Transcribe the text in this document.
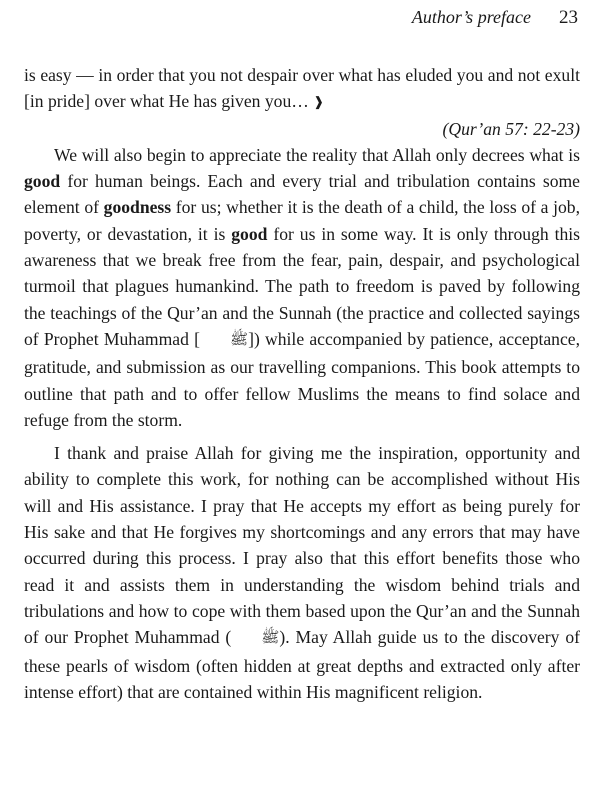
Author’s preface 23

is easy — in order that you not despair over what has eluded you and not exult [in pride] over what He has given you… ❱

(Qur’an 57: 22-23)

We will also begin to appreciate the reality that Allah only decrees what is good for human beings. Each and every trial and tribulation contains some element of goodness for us; whether it is the death of a child, the loss of a job, poverty, or devastation, it is good for us in some way. It is only through this awareness that we break free from the fear, pain, despair, and psychological turmoil that plagues humankind. The path to freedom is paved by following the teachings of the Qur’an and the Sunnah (the practice and collected sayings of Prophet Muhammad [ ﷺ]) while accompanied by patience, acceptance, gratitude, and submission as our travelling companions. This book attempts to outline that path and to offer fellow Muslims the means to find solace and refuge from the storm.

I thank and praise Allah for giving me the inspiration, opportunity and ability to complete this work, for nothing can be accomplished without His will and His assistance. I pray that He accepts my effort as being purely for His sake and that He forgives my shortcomings and any errors that may have occurred during this process. I pray also that this effort benefits those who read it and assists them in understanding the wisdom behind trials and tribulations and how to cope with them based upon the Qur’an and the Sunnah of our Prophet Muhammad ( ﷺ). May Allah guide us to the discovery of these pearls of wisdom (often hidden at great depths and extracted only after intense effort) that are contained within His magnificent religion.
